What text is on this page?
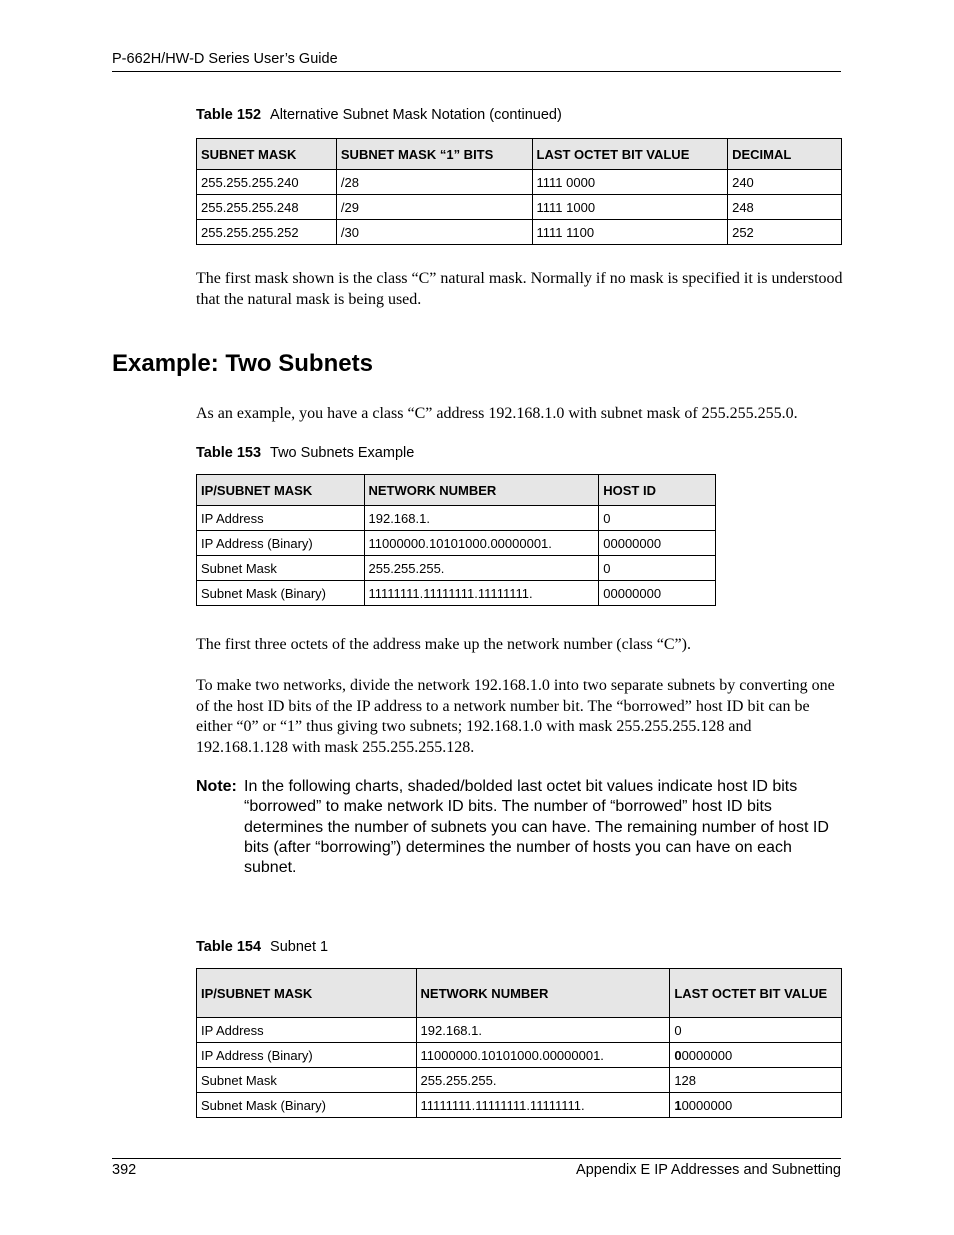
P-662H/HW-D Series User’s Guide
Table 152 Alternative Subnet Mask Notation (continued)
SUBNET MASK	SUBNET MASK “1” BITS	LAST OCTET BIT VALUE	DECIMAL
255.255.255.240	/28	1111 0000	240
255.255.255.248	/29	1111 1000	248
255.255.255.252	/30	1111 1100	252
The first mask shown is the class “C” natural mask. Normally if no mask is specified it is understood that the natural mask is being used.
Example: Two Subnets
As an example, you have a class “C” address 192.168.1.0 with subnet mask of 255.255.255.0.
Table 153 Two Subnets Example
IP/SUBNET MASK	NETWORK NUMBER	HOST ID
IP Address	192.168.1.	0
IP Address (Binary)	11000000.10101000.00000001.	00000000
Subnet Mask	255.255.255.	0
Subnet Mask (Binary)	11111111.11111111.11111111.	00000000
The first three octets of the address make up the network number (class “C”).
To make two networks, divide the network 192.168.1.0 into two separate subnets by converting one of the host ID bits of the IP address to a network number bit. The “borrowed” host ID bit can be either “0” or “1” thus giving two subnets; 192.168.1.0 with mask 255.255.255.128 and 192.168.1.128 with mask 255.255.255.128.
Note: In the following charts, shaded/bolded last octet bit values indicate host ID bits “borrowed” to make network ID bits. The number of “borrowed” host ID bits determines the number of subnets you can have. The remaining number of host ID bits (after “borrowing”) determines the number of hosts you can have on each subnet.
Table 154 Subnet 1
IP/SUBNET MASK	NETWORK NUMBER	LAST OCTET BIT VALUE
IP Address	192.168.1.	0
IP Address (Binary)	11000000.10101000.00000001.	00000000
Subnet Mask	255.255.255.	128
Subnet Mask (Binary)	11111111.11111111.11111111.	10000000
392	Appendix E IP Addresses and Subnetting
